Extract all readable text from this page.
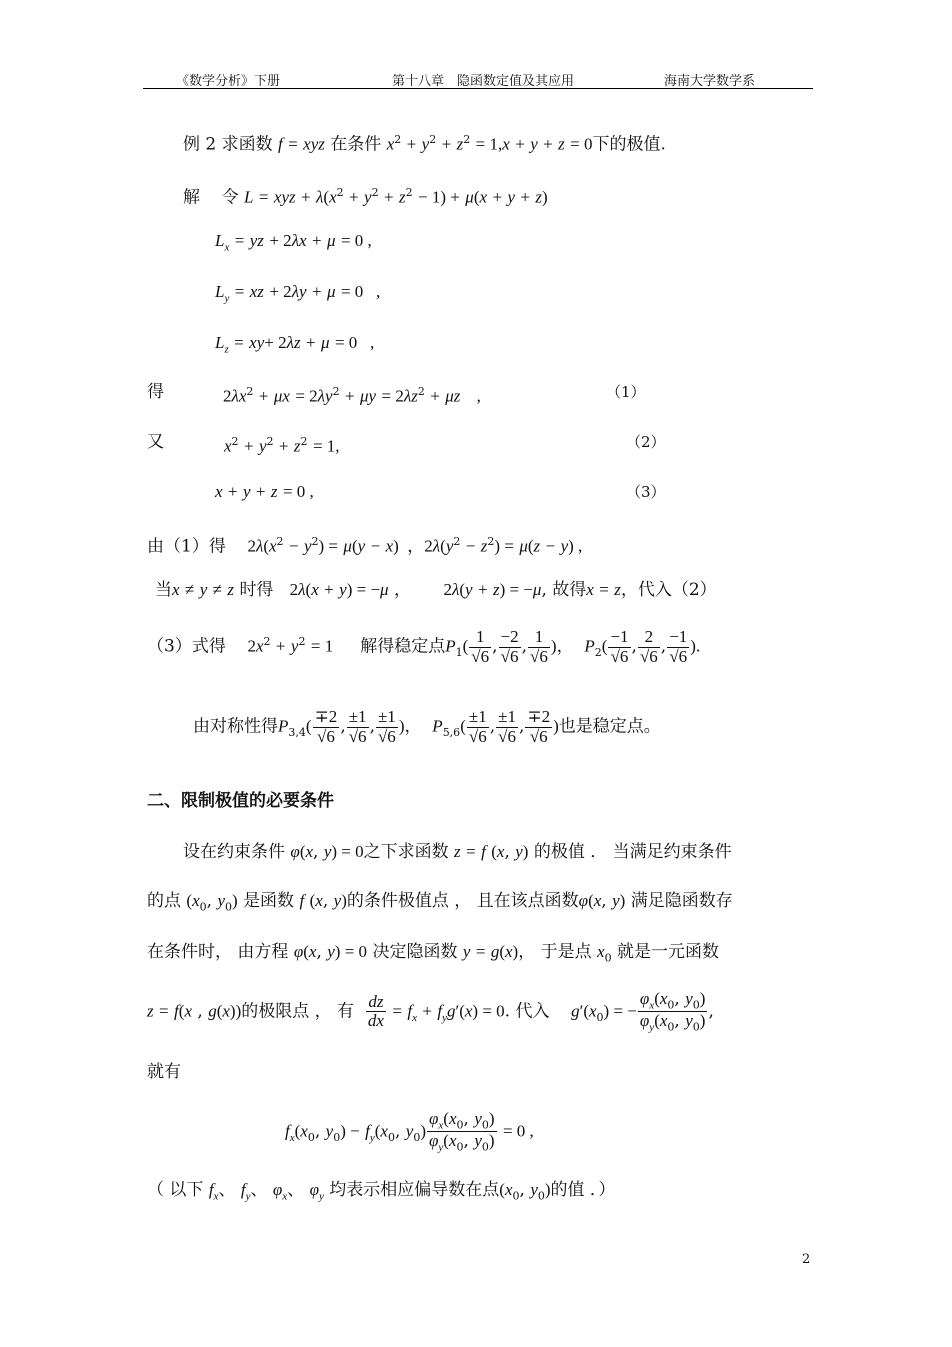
《数学分析》下册	第十八章　隐函数定值及其应用	海南大学数学系
例 2 求函数 f = xyz 在条件 $x^2 + y^2 + z^2 = 1,x + y + z = 0$下的极值.
解 令 L = xyz + $\lambda(x^2 + y^2 + z^2 - 1) + \mu(x + y + z)$
$L_x$ = yz + 2λx + μ = 0 ,
$L_y$ = xz + 2λy + μ = 0   ,
$L_z = xy+ 2\lambda z + \mu = 0$   ,
得	$2\lambda x^2 + \mu x = 2\lambda y^2 + \mu y = 2\lambda z^2 + \mu z$ ,	（1）
又	$x^2 + y^2 + z^2 = 1$,	（2）
x + y + z = 0 ,	（3）
由（1）得 $2\lambda(x^2 - y^2) = \mu(y - x)$  ，$2\lambda(y^2 - z^2) = \mu(z - y)$ ,
当x ≠ y ≠ z 时得 2λ(x + y) = −μ ， 2λ(y + z) = −μ, 故得x = z，代入（2）
（3）式得 $2x^2 + y^2 = 1$ 解得稳定点$P_1( \frac{1}{√6}$ , $\frac{-2}{√6}$ , $\frac{1}{√6}$ )，  $P_2( \frac{-1}{√6}$ , $\frac{2}{√6}$ , $\frac{-1}{√6}$ ).
由对称性得$P_{3,4}( \frac{\mp 2}{√6}$ , $\frac{\pm 1}{√6}$ , $\frac{\pm 1}{√6}$ )，  $P_{5,6}( \frac{\pm 1}{√6}$ , $\frac{\pm 1}{√6}$ , $\frac{\mp 2}{√6}$ )也是稳定点。
二、限制极值的必要条件
设在约束条件 φ(x, y) = 0之下求函数 z = f (x, y) 的极值 ． 当满足约束条件
的点 ($x_0$, $y_0$) 是函数 f (x, y)的条件极值点 ， 且在该点函数φ(x, y) 满足隐函数存
在条件时， 由方程 φ(x, y) = 0 决定隐函数 y = g(x)， 于是点 $x_0$ 就是一元函数
z = f(x , g(x))的极限点 ， 有 $\frac{dz}{dx} = f_x + f_yg'(x) = 0$. 代入 $g'(x_0)$ = − $\frac{\varphi_x(x_0, y_0)}{\varphi_y(x_0, y_0)}$ ,
就有
$f_x(x_0$, $y_0) - f_y(x_0$, $y_0) \frac{\varphi_x(x_0, y_0)}{\varphi_y(x_0, y_0)} = 0$ ,
（ 以下 $f_x$、 $f_y$、 $\varphi_x$、 $\varphi_y$ 均表示相应偏导数在点($x_0$, $y_0$)的值 ．）
2
